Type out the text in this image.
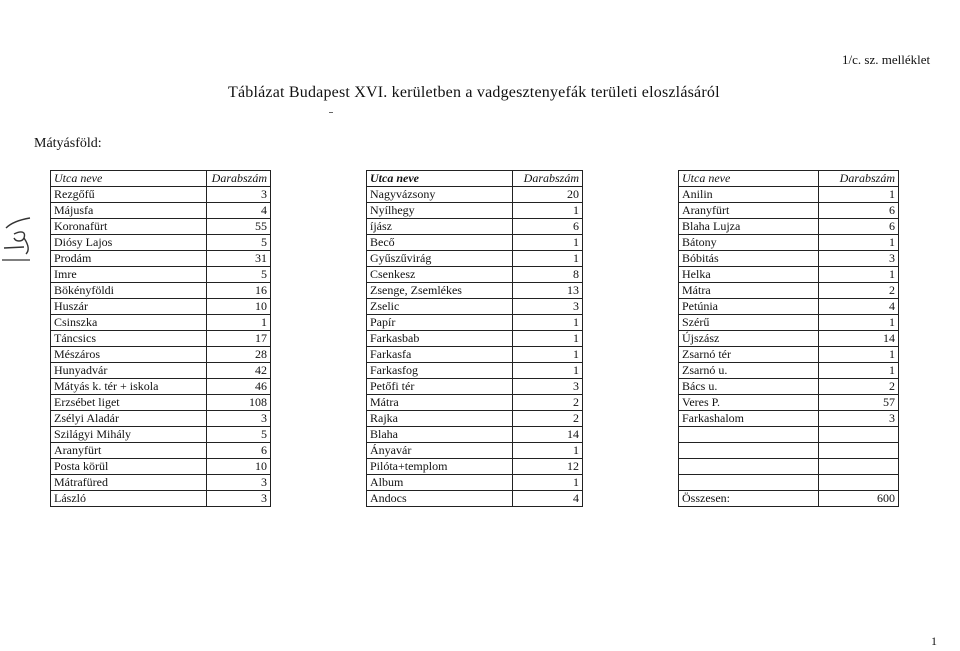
1/c. sz. melléklet
Táblázat Budapest XVI. kerületben a vadgesztenyefák területi eloszlásáról
Mátyásföld:
Utca neve	Darabszám
Rezgőfű	3
Májusfa	4
Koronafürt	55
Diósy Lajos	5
Prodám	31
Imre	5
Bökényföldi	16
Huszár	10
Csinszka	1
Táncsics	17
Mészáros	28
Hunyadvár	42
Mátyás k. tér + iskola	46
Erzsébet liget	108
Zsélyi Aladár	3
Szilágyi Mihály	5
Aranyfürt	6
Posta körül	10
Mátrafüred	3
László	3
Utca neve	Darabszám
Nagyvázsony	20
Nyílhegy	1
íjász	6
Becő	1
Gyűszűvirág	1
Csenkesz	8
Zsenge, Zsemlékes	13
Zselic	3
Papír	1
Farkasbab	1
Farkasfa	1
Farkasfog	1
Petőfi tér	3
Mátra	2
Rajka	2
Blaha	14
Ányavár	1
Pilóta+templom	12
Album	1
Andocs	4
Utca neve	Darabszám
Anilin	1
Aranyfürt	6
Blaha Lujza	6
Bátony	1
Bóbitás	3
Helka	1
Mátra	2
Petúnia	4
Szérű	1
Újszász	14
Zsarnó tér	1
Zsarnó u.	1
Bács u.	2
Veres P.	57
Farkashalom	3

Összesen:	600
1
